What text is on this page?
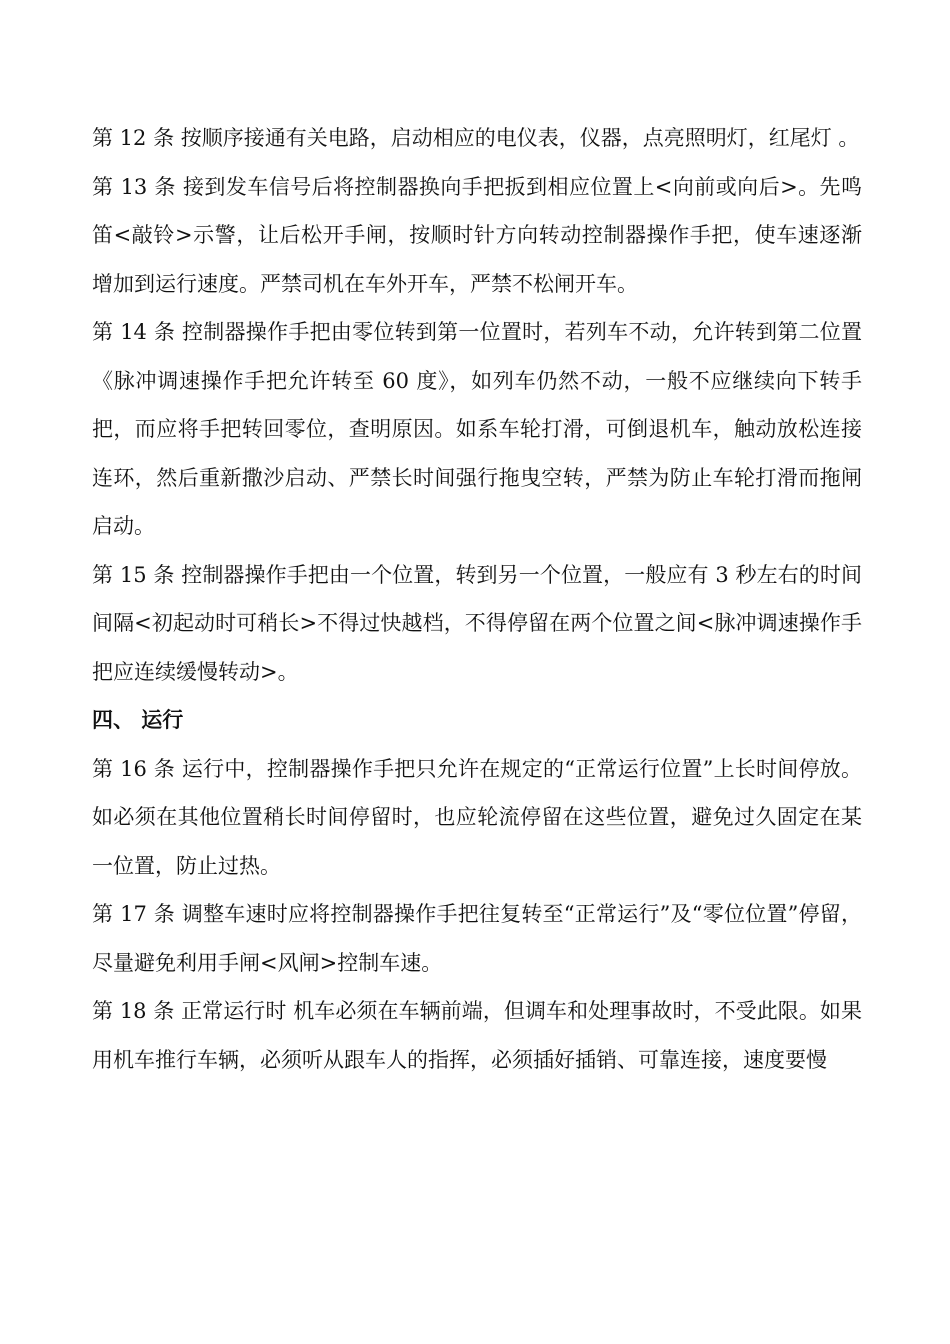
第 12 条 按顺序接通有关电路，启动相应的电仪表，仪器，点亮照明灯，红尾灯 。

第 13 条 接到发车信号后将控制器换向手把扳到相应位置上<向前或向后>。先鸣笛<敲铃>示警，让后松开手闸，按顺时针方向转动控制器操作手把，使车速逐渐增加到运行速度。严禁司机在车外开车，严禁不松闸开车。

第 14 条 控制器操作手把由零位转到第一位置时，若列车不动，允许转到第二位置《脉冲调速操作手把允许转至 60 度》，如列车仍然不动，一般不应继续向下转手把，而应将手把转回零位，查明原因。如系车轮打滑，可倒退机车，触动放松连接连环，然后重新撒沙启动、严禁长时间强行拖曳空转，严禁为防止车轮打滑而拖闸启动。

第 15 条 控制器操作手把由一个位置，转到另一个位置，一般应有 3 秒左右的时间间隔<初起动时可稍长>不得过快越档，不得停留在两个位置之间<脉冲调速操作手把应连续缓慢转动>。

四、 运行

第 16 条 运行中，控制器操作手把只允许在规定的“正常运行位置”上长时间停放。如必须在其他位置稍长时间停留时，也应轮流停留在这些位置，避免过久固定在某一位置，防止过热。

第 17 条 调整车速时应将控制器操作手把往复转至“正常运行”及“零位位置”停留，尽量避免利用手闸<风闸>控制车速。

第 18 条 正常运行时 机车必须在车辆前端，但调车和处理事故时，不受此限。如果用机车推行车辆，必须听从跟车人的指挥，必须插好插销、可靠连接，速度要慢
